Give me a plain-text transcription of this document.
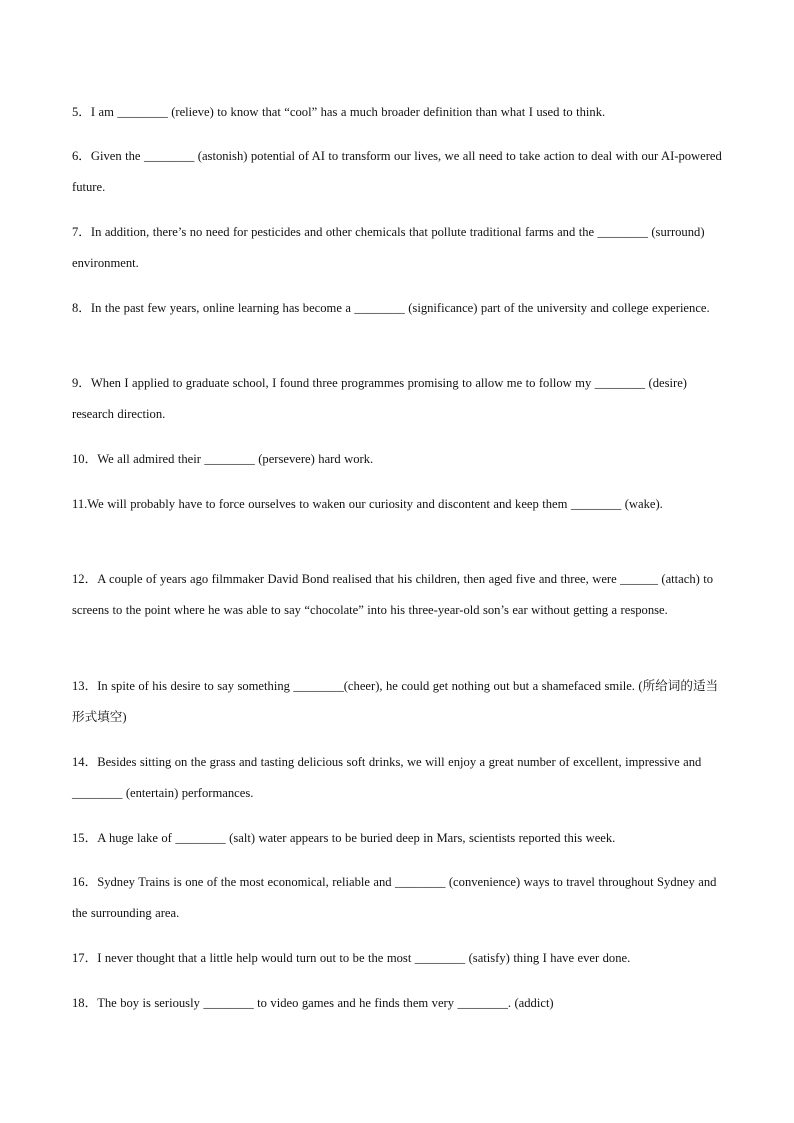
5．I am ________ (relieve) to know that “cool” has a much broader definition than what I used to think.

6．Given the ________ (astonish) potential of AI to transform our lives, we all need to take action to deal with our AI-powered future.

7．In addition, there’s no need for pesticides and other chemicals that pollute traditional farms and the ________ (surround) environment.

8．In the past few years, online learning has become a ________ (significance) part of the university and college experience.

9．When I applied to graduate school, I found three programmes promising to allow me to follow my ________ (desire) research direction.

10．We all admired their ________ (persevere) hard work.

11.We will probably have to force ourselves to waken our curiosity and discontent and keep them ________ (wake).

12．A couple of years ago filmmaker David Bond realised that his children, then aged five and three, were ______ (attach) to screens to the point where he was able to say “chocolate” into his three-year-old son’s ear without getting a response.

13．In spite of his desire to say something ________(cheer), he could get nothing out but a shamefaced smile. (所给词的适当形式填空)

14．Besides sitting on the grass and tasting delicious soft drinks, we will enjoy a great number of excellent, impressive and ________ (entertain) performances.

15．A huge lake of ________ (salt) water appears to be buried deep in Mars, scientists reported this week.

16．Sydney Trains is one of the most economical, reliable and ________ (convenience) ways to travel throughout Sydney and the surrounding area.

17．I never thought that a little help would turn out to be the most ________ (satisfy) thing I have ever done.

18．The boy is seriously ________ to video games and he finds them very ________. (addict)
